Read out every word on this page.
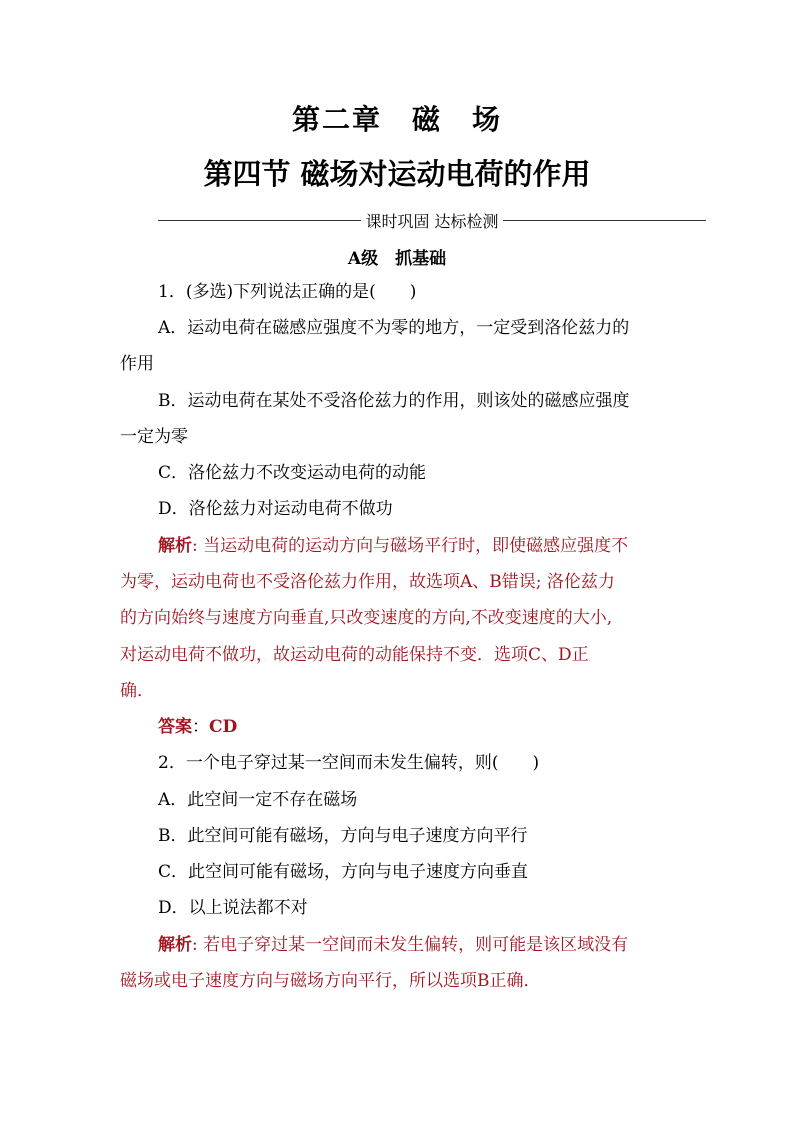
第二章　磁　场
第四节 磁场对运动电荷的作用
课时巩固 达标检测
A级　抓基础
1．(多选)下列说法正确的是(　　)
A．运动电荷在磁感应强度不为零的地方，一定受到洛伦兹力的
作用
B．运动电荷在某处不受洛伦兹力的作用，则该处的磁感应强度
一定为零
C．洛伦兹力不改变运动电荷的动能
D．洛伦兹力对运动电荷不做功
解析: 当运动电荷的运动方向与磁场平行时，即使磁感应强度不
为零，运动电荷也不受洛伦兹力作用，故选项A、B错误; 洛伦兹力
的方向始终与速度方向垂直,只改变速度的方向,不改变速度的大小,
对运动电荷不做功，故运动电荷的动能保持不变．选项C、D正
确．
答案：CD
2．一个电子穿过某一空间而未发生偏转，则(　　)
A．此空间一定不存在磁场
B．此空间可能有磁场，方向与电子速度方向平行
C．此空间可能有磁场，方向与电子速度方向垂直
D．以上说法都不对
解析: 若电子穿过某一空间而未发生偏转，则可能是该区域没有
磁场或电子速度方向与磁场方向平行，所以选项B正确．
